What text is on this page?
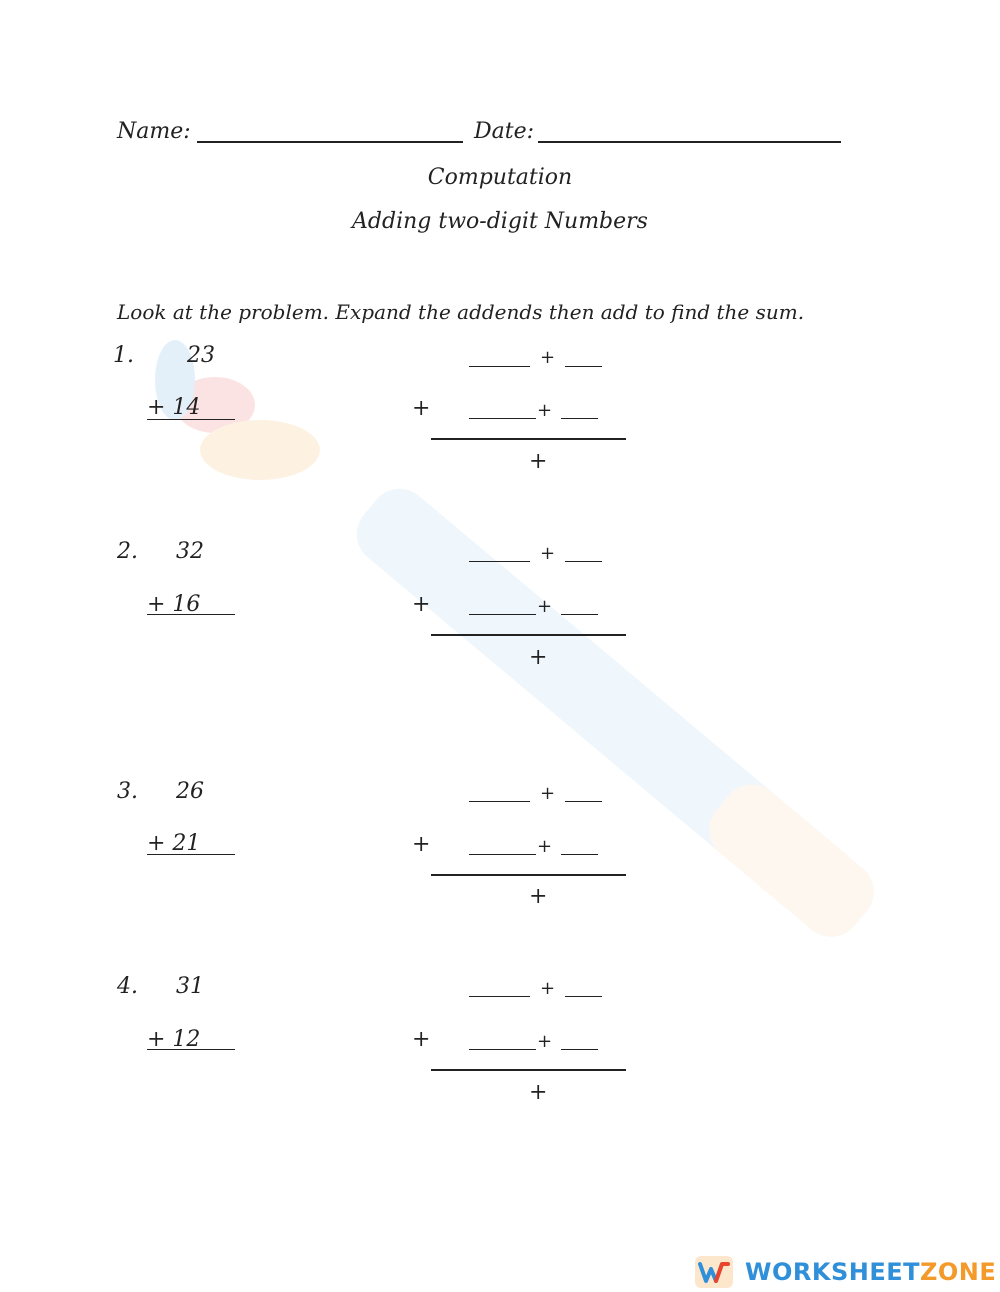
Name:	Date:
Computation
Adding two-digit Numbers
Look at the problem. Expand the addends then add to find the sum.
1. 23
+ 14
+
+	+
+
2. 32
+ 16
+
+	+
+
3. 26
+ 21
+
+	+
+
4. 31
+ 12
+
+	+
+
WORKSHEETZONE
